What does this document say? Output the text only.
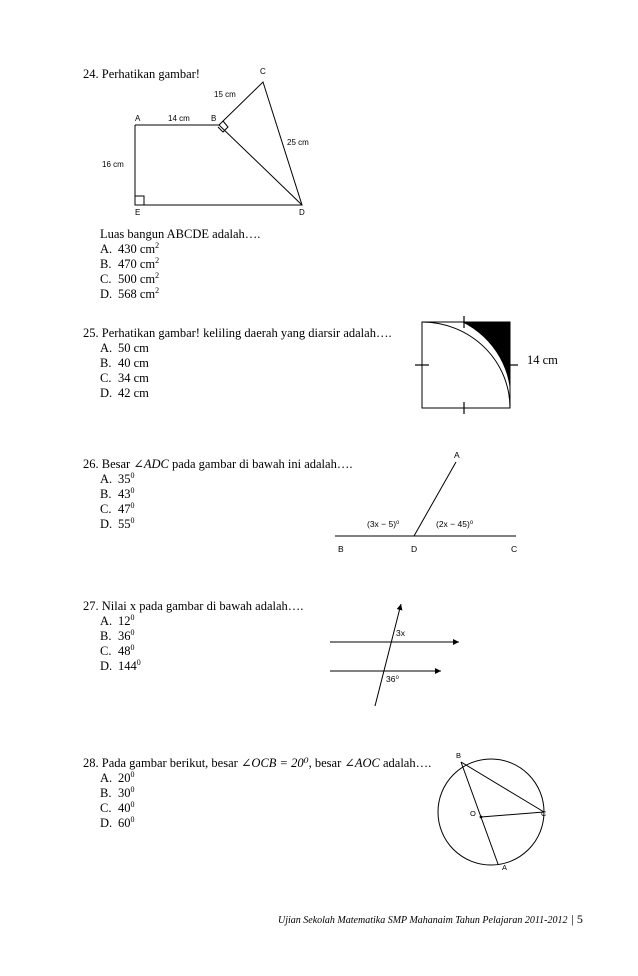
24. Perhatikan gambar!	C
15 cm
A	14 cm	B
25 cm
16 cm
E	D
Luas bangun ABCDE adalah….
A. 430 $cm^2$
B. 470 $cm^2$
C. 500 $cm^2$
D. 568 $cm^2$
25. Perhatikan gambar! keliling daerah yang diarsir adalah….
A. 50 cm
B. 40 cm
C. 34 cm
D. 42 cm
14 cm
26. Besar ∠ADC pada gambar di bawah ini adalah….
A. $35^0$
B. $43^0$
C. $47^0$
D. $55^0$
A
(3x − 5)⁰	(2x − 45)⁰
B	D	C
27. Nilai x pada gambar di bawah adalah….
A. $12^0$
B. $36^0$
C. $48^0$
D. $144^0$
3x
36⁰
28. Pada gambar berikut, besar ∠OCB = 20⁰, besar ∠AOC adalah….
A. $20^0$
B. $30^0$
C. $40^0$
D. $60^0$
B
O	C
A
Ujian Sekolah Matematika SMP Mahanaim Tahun Pelajaran 2011-2012 | 5
